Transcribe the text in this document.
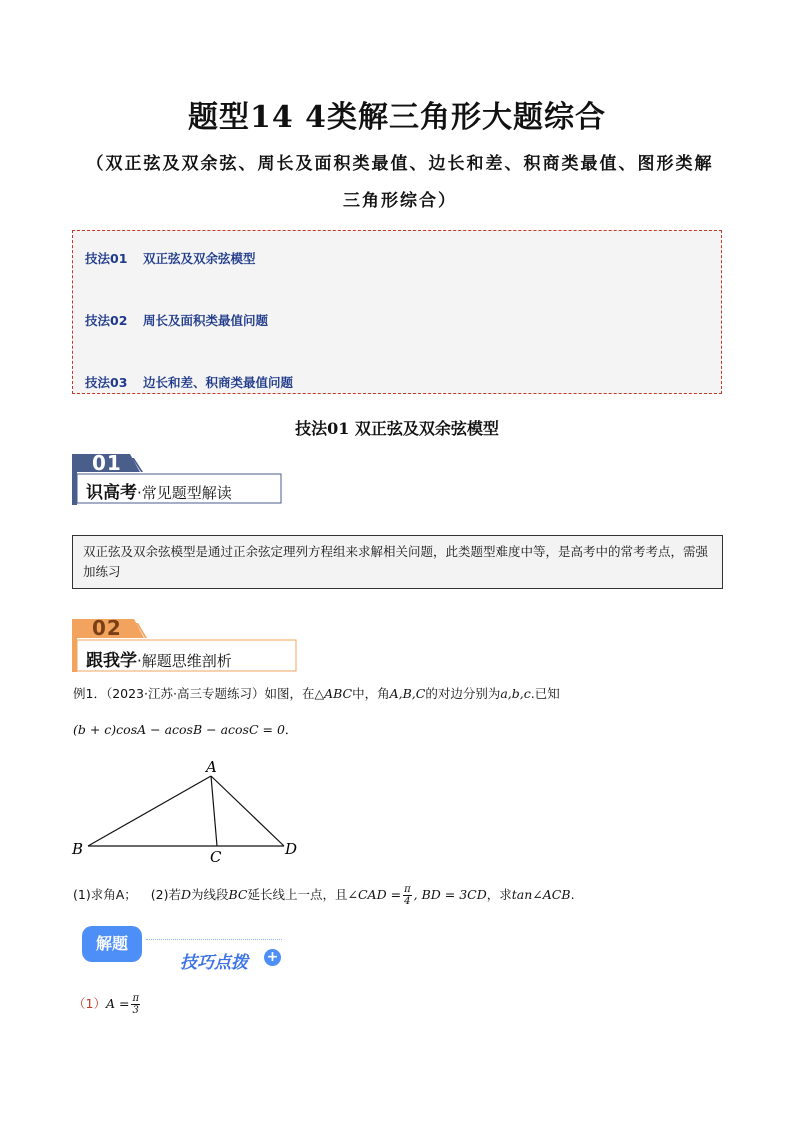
题型14 4类解三角形大题综合
（双正弦及双余弦、周长及面积类最值、边长和差、积商类最值、图形类解三角形综合）
技法01 双正弦及双余弦模型
技法02 周长及面积类最值问题
技法03 边长和差、积商类最值问题
技法01 双正弦及双余弦模型
01
识高考·常见题型解读
双正弦及双余弦模型是通过正余弦定理列方程组来求解相关问题，此类题型难度中等，是高考中的常考考点，需强加练习
02
跟我学·解题思维剖析
例1．（2023·江苏·高三专题练习）如图，在△ABC中，角A,B,C的对边分别为a,b,c.已知
(b + c)cosA − acosB − acosC = 0．
A
B	C	D
(1)求角A； (2)若D为线段BC延长线上一点，且∠CAD = $\frac{\pi}{4}$ , BD = 3CD，求tan∠ACB.
解题
技巧点拨 +
$(1)A = \frac{\pi}{3}$
